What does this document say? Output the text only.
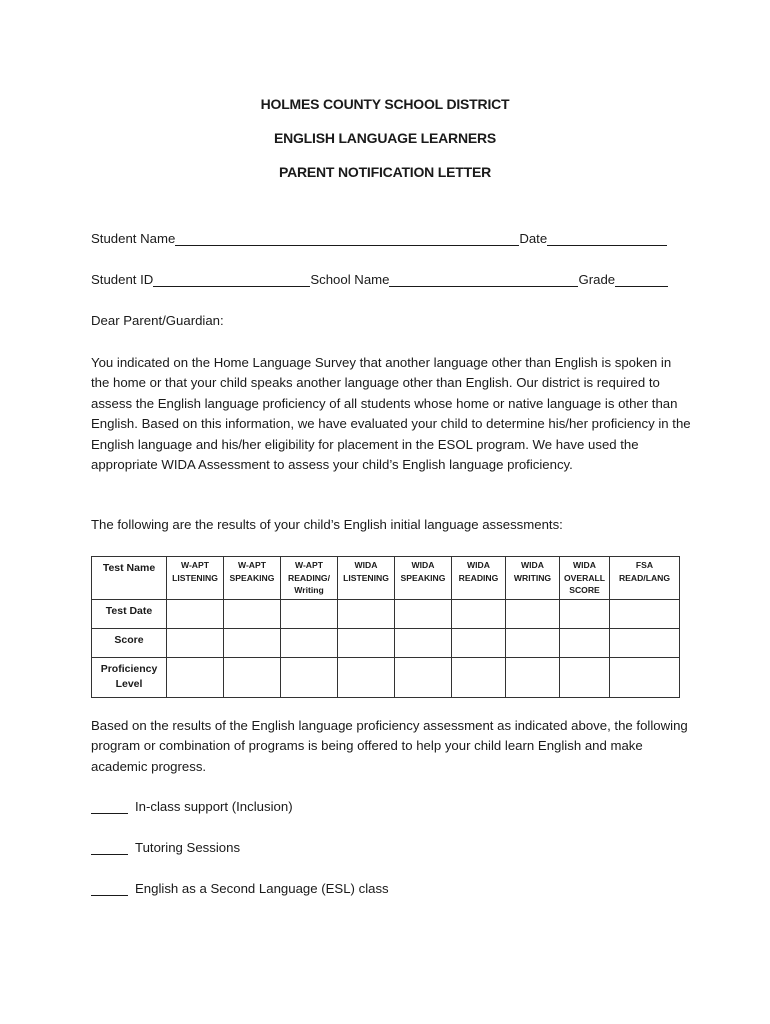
HOLMES COUNTY SCHOOL DISTRICT
ENGLISH LANGUAGE LEARNERS
PARENT NOTIFICATION LETTER
Student Name	Date
Student ID	School Name	Grade
Dear Parent/Guardian:
You indicated on the Home Language Survey that another language other than English is spoken in the home or that your child speaks another language other than English. Our district is required to assess the English language proficiency of all students whose home or native language is other than English. Based on this information, we have evaluated your child to determine his/her proficiency in the English language and his/her eligibility for placement in the ESOL program. We have used the appropriate WIDA Assessment to assess your child’s English language proficiency.
The following are the results of your child’s English initial language assessments:
Test Name	W-APT LISTENING	W-APT SPEAKING	W-APT READING/ Writing	WIDA LISTENING	WIDA SPEAKING	WIDA READING	WIDA WRITING	WIDA OVERALL SCORE	FSA READ/LANG
Test Date									
Score									
Proficiency Level									
Based on the results of the English language proficiency assessment as indicated above, the following program or combination of programs is being offered to help your child learn English and make academic progress.
In-class support (Inclusion)
Tutoring Sessions
English as a Second Language (ESL) class
